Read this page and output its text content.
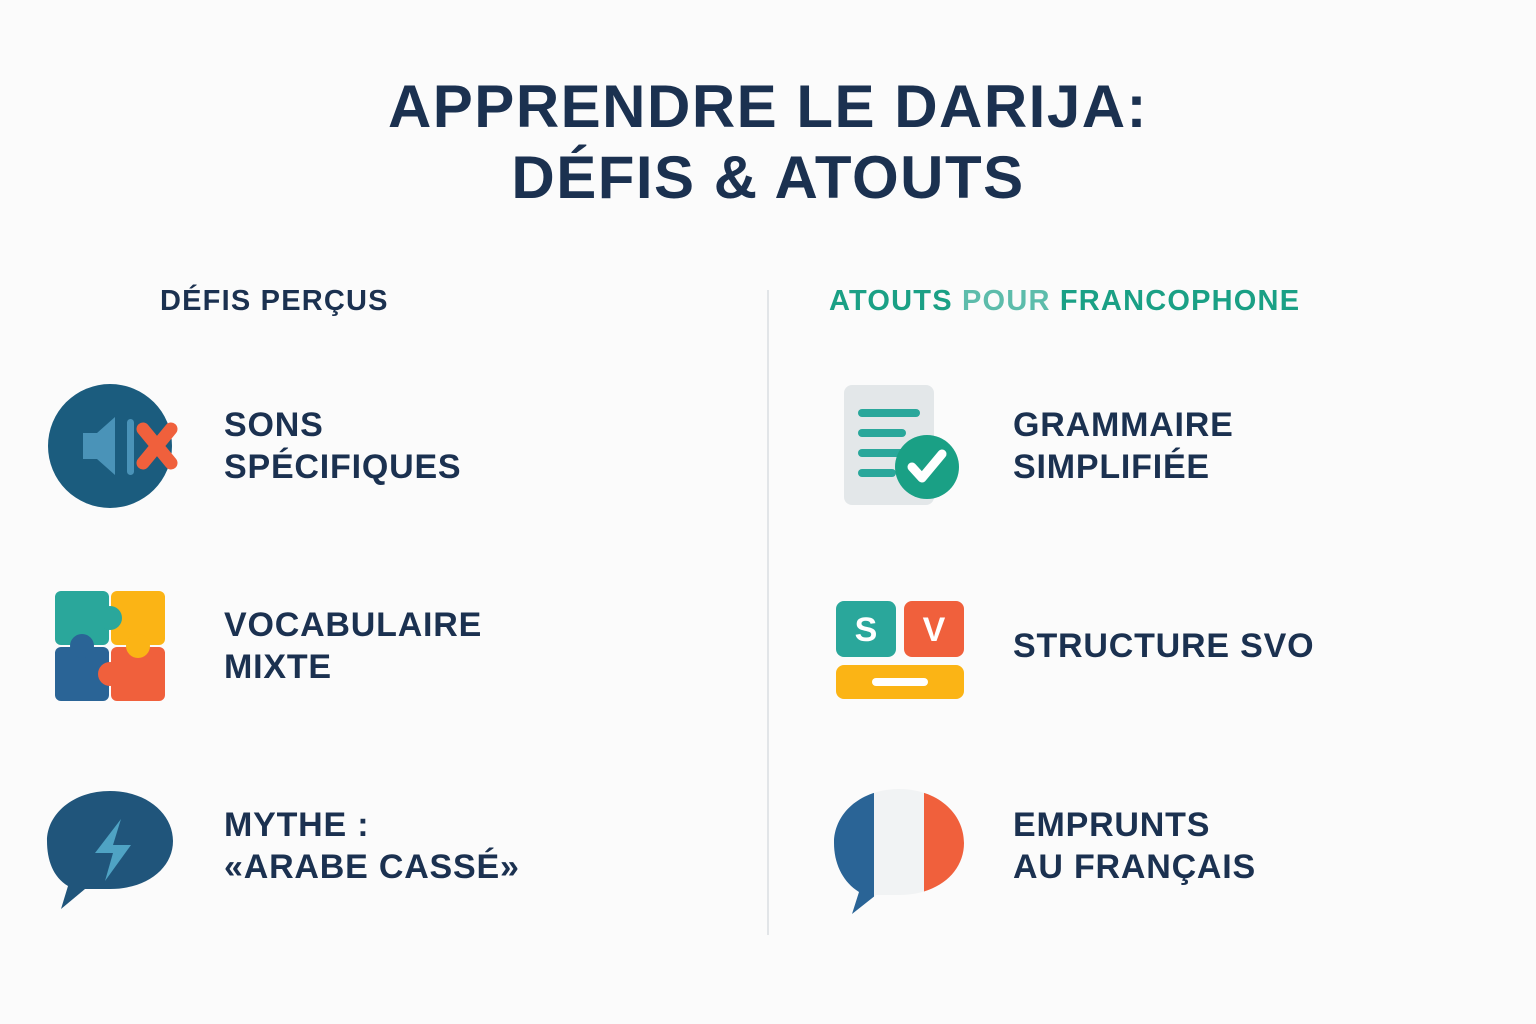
APPRENDRE LE DARIJA:
DÉFIS & ATOUTS
DÉFIS PERÇUS
SONS
SPÉCIFIQUES
VOCABULAIRE
MIXTE
MYTHE :
«ARABE CASSÉ»
ATOUTS POUR FRANCOPHONE
GRAMMAIRE
SIMPLIFIÉE
S V STRUCTURE SVO
EMPRUNTS
AU FRANÇAIS
